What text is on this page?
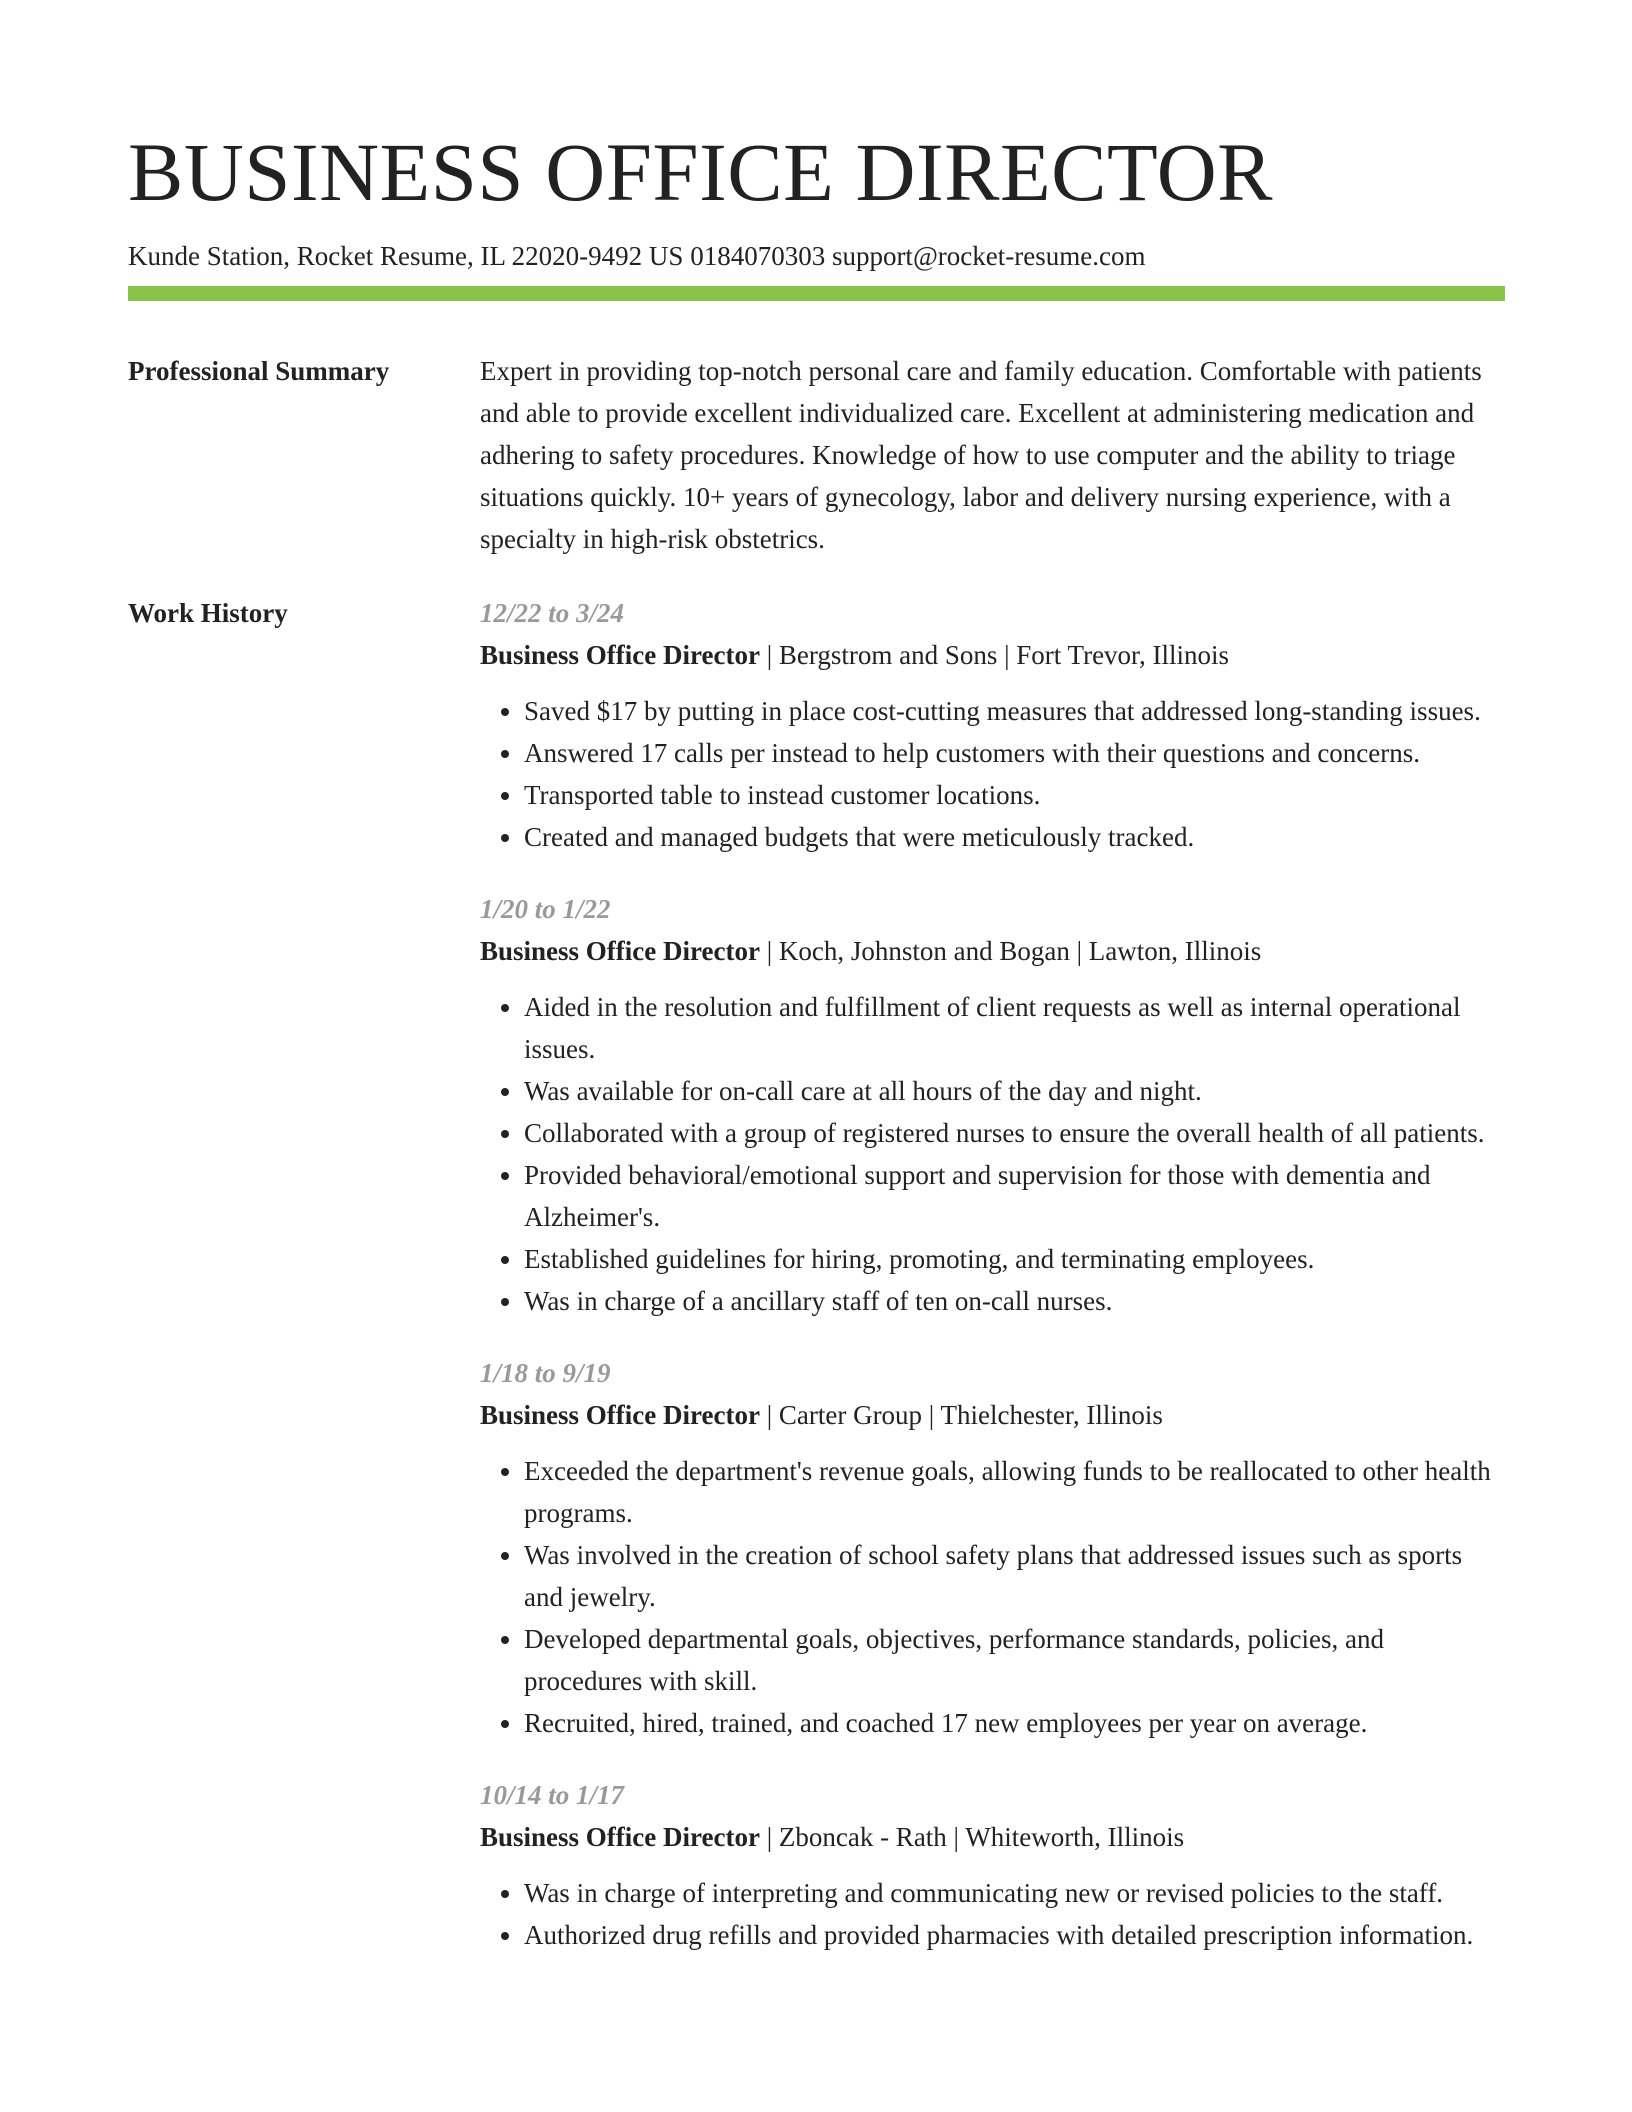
BUSINESS OFFICE DIRECTOR
Kunde Station, Rocket Resume, IL 22020-9492 US 0184070303 support@rocket-resume.com
Professional Summary	Expert in providing top-notch personal care and family education. Comfortable with patients and able to provide excellent individualized care. Excellent at administering medication and adhering to safety procedures. Knowledge of how to use computer and the ability to triage situations quickly. 10+ years of gynecology, labor and delivery nursing experience, with a specialty in high-risk obstetrics.

Work History	12/22 to 3/24
Business Office Director | Bergstrom and Sons | Fort Trevor, Illinois
• Saved $17 by putting in place cost-cutting measures that addressed long-standing issues.
• Answered 17 calls per instead to help customers with their questions and concerns.
• Transported table to instead customer locations.
• Created and managed budgets that were meticulously tracked.
1/20 to 1/22
Business Office Director | Koch, Johnston and Bogan | Lawton, Illinois
• Aided in the resolution and fulfillment of client requests as well as internal operational issues.
• Was available for on-call care at all hours of the day and night.
• Collaborated with a group of registered nurses to ensure the overall health of all patients.
• Provided behavioral/emotional support and supervision for those with dementia and Alzheimer's.
• Established guidelines for hiring, promoting, and terminating employees.
• Was in charge of a ancillary staff of ten on-call nurses.
1/18 to 9/19
Business Office Director | Carter Group | Thielchester, Illinois
• Exceeded the department's revenue goals, allowing funds to be reallocated to other health programs.
• Was involved in the creation of school safety plans that addressed issues such as sports and jewelry.
• Developed departmental goals, objectives, performance standards, policies, and procedures with skill.
• Recruited, hired, trained, and coached 17 new employees per year on average.
10/14 to 1/17
Business Office Director | Zboncak - Rath | Whiteworth, Illinois
• Was in charge of interpreting and communicating new or revised policies to the staff.
• Authorized drug refills and provided pharmacies with detailed prescription information.
